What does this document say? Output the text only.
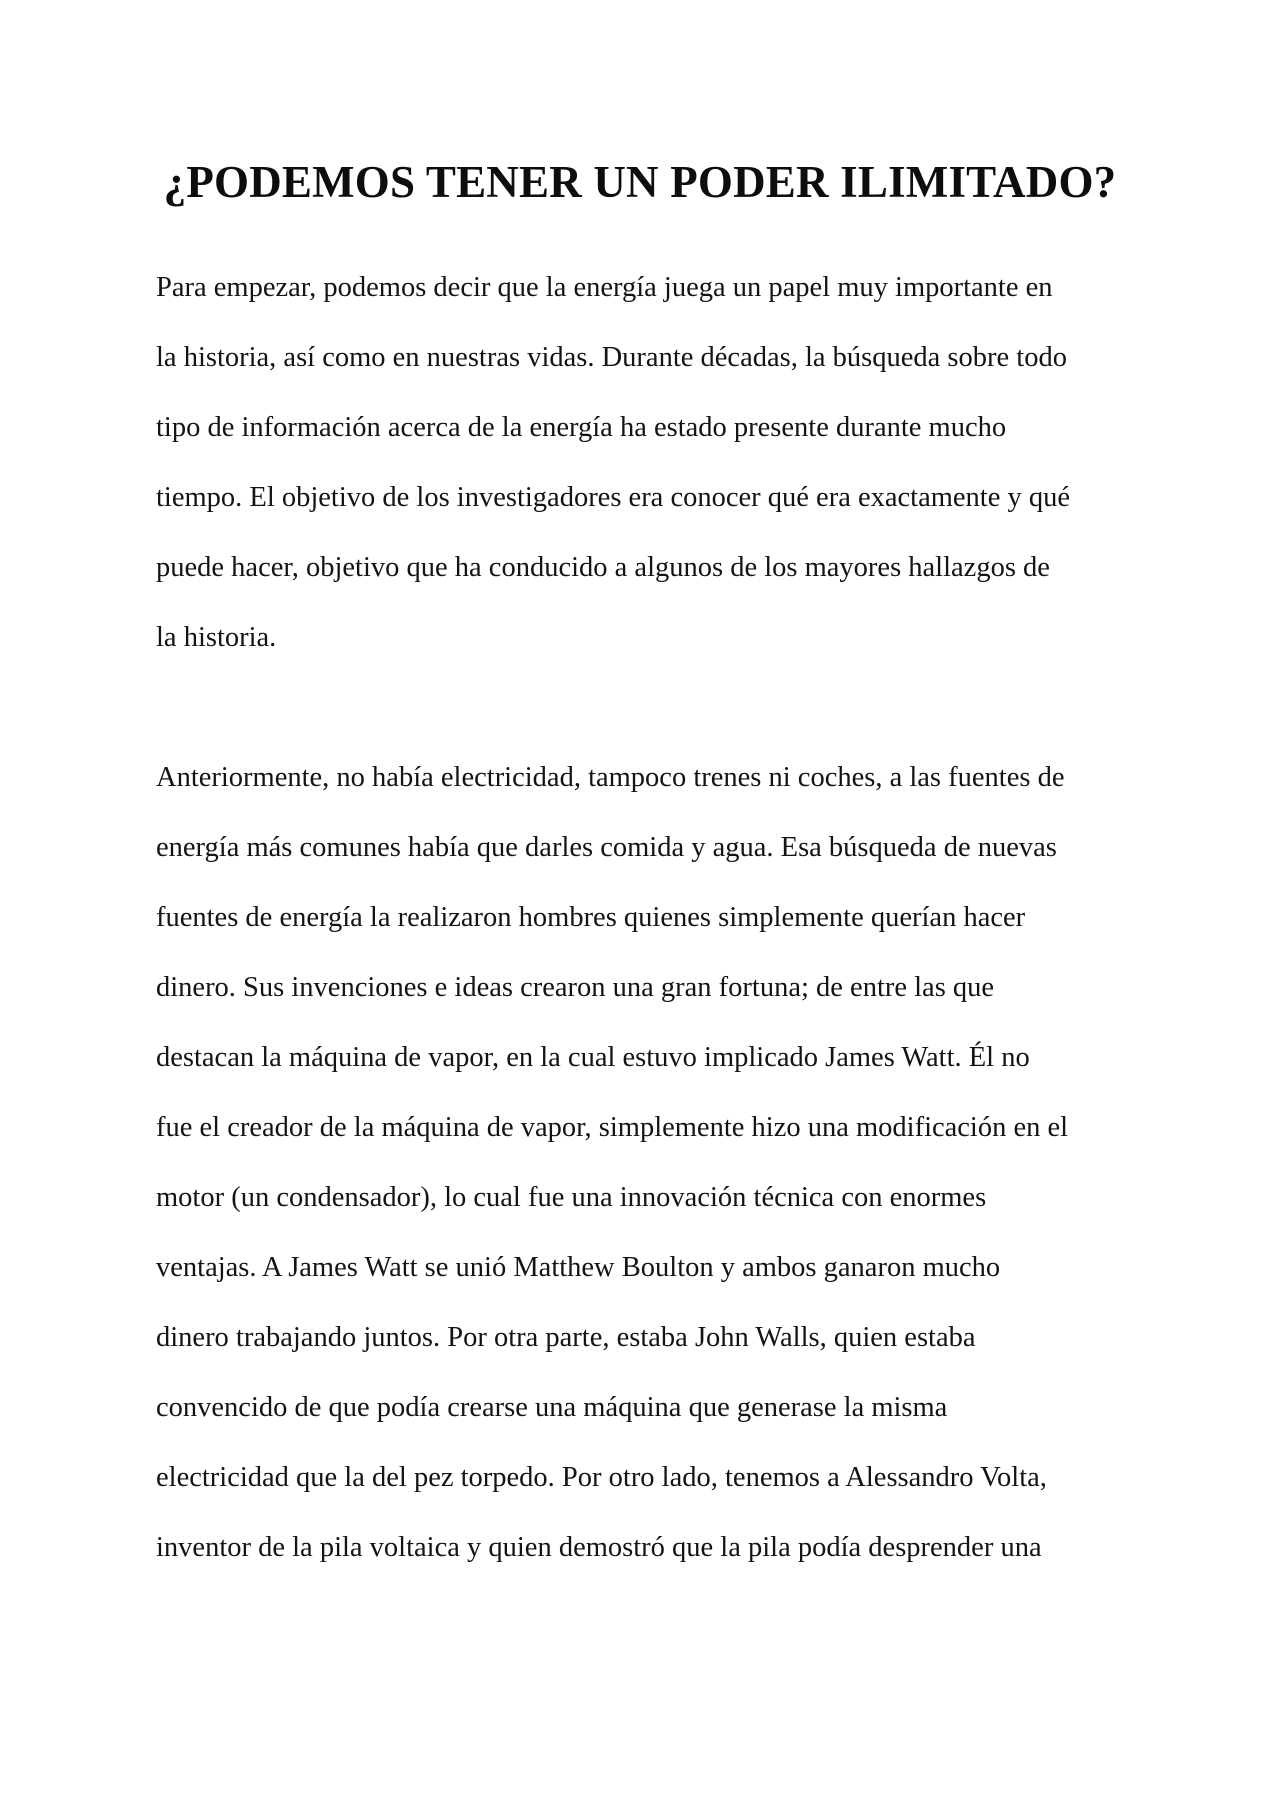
¿PODEMOS TENER UN PODER ILIMITADO?

Para empezar, podemos decir que la energía juega un papel muy importante en
la historia, así como en nuestras vidas. Durante décadas, la búsqueda sobre todo
tipo de información acerca de la energía ha estado presente durante mucho
tiempo. El objetivo de los investigadores era conocer qué era exactamente y qué
puede hacer, objetivo que ha conducido a algunos de los mayores hallazgos de
la historia.

Anteriormente, no había electricidad, tampoco trenes ni coches, a las fuentes de
energía más comunes había que darles comida y agua. Esa búsqueda de nuevas
fuentes de energía la realizaron hombres quienes simplemente querían hacer
dinero. Sus invenciones e ideas crearon una gran fortuna; de entre las que
destacan la máquina de vapor, en la cual estuvo implicado James Watt. Él no
fue el creador de la máquina de vapor, simplemente hizo una modificación en el
motor (un condensador), lo cual fue una innovación técnica con enormes
ventajas. A James Watt se unió Matthew Boulton y ambos ganaron mucho
dinero trabajando juntos. Por otra parte, estaba John Walls, quien estaba
convencido de que podía crearse una máquina que generase la misma
electricidad que la del pez torpedo. Por otro lado, tenemos a Alessandro Volta,
inventor de la pila voltaica y quien demostró que la pila podía desprender una
